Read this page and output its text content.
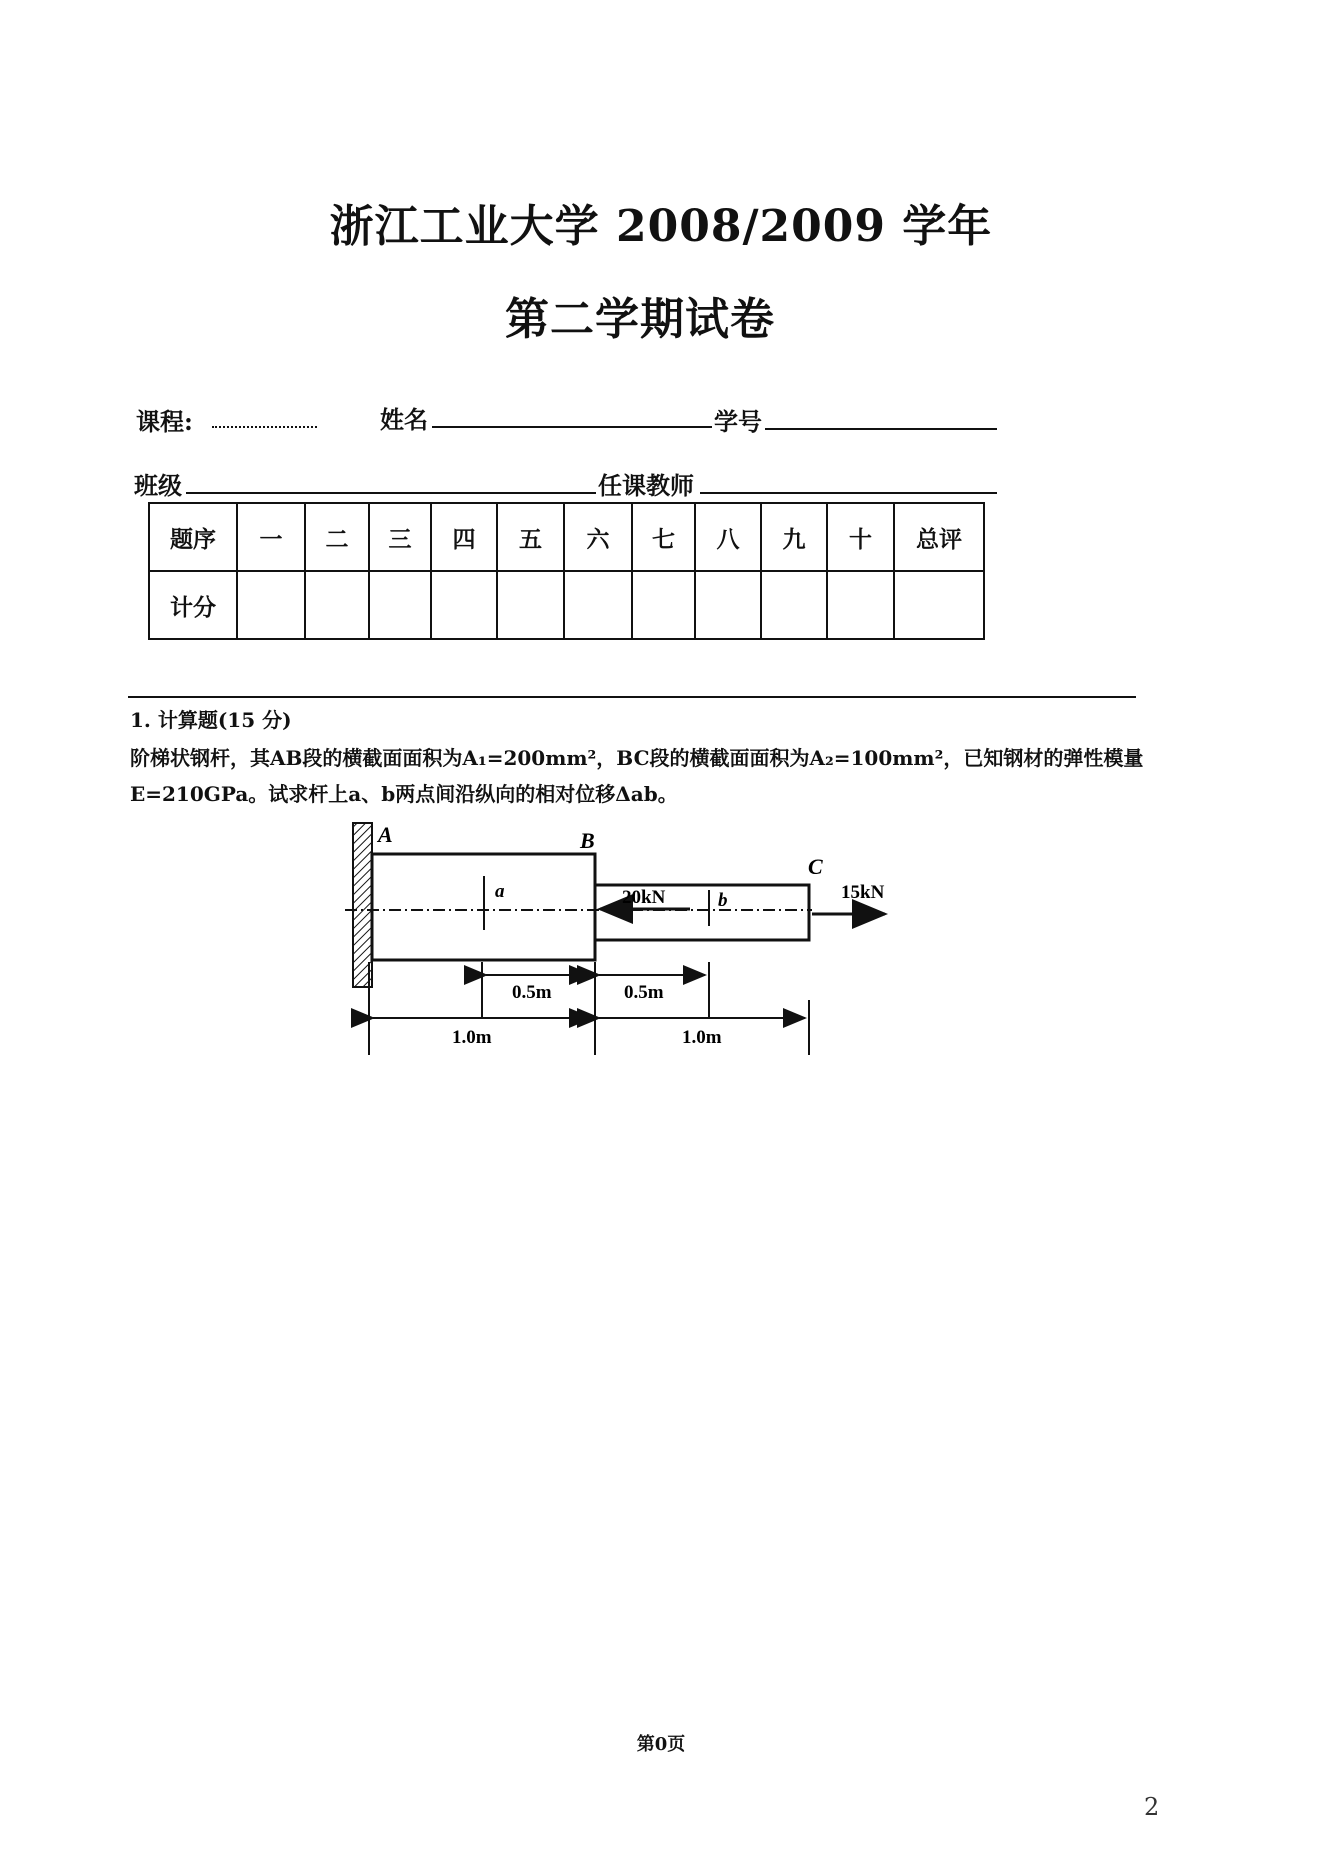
浙江工业大学 2008/2009 学年
第二学期试卷
课程:	姓名	学号
班级	任课教师
题序	一	二	三	四	五	六	七	八	九	十	总评
计分											
1. 计算题(15 分)
阶梯状钢杆，其AB段的横截面面积为A₁=200mm²，BC段的横截面面积为A₂=100mm²，已知钢材的弹性模量E=210GPa。试求杆上a、b两点间沿纵向的相对位移Δab。
A	B
C
a	b
20kN	15kN
0.5m	0.5m
1.0m	1.0m
第0页
2
